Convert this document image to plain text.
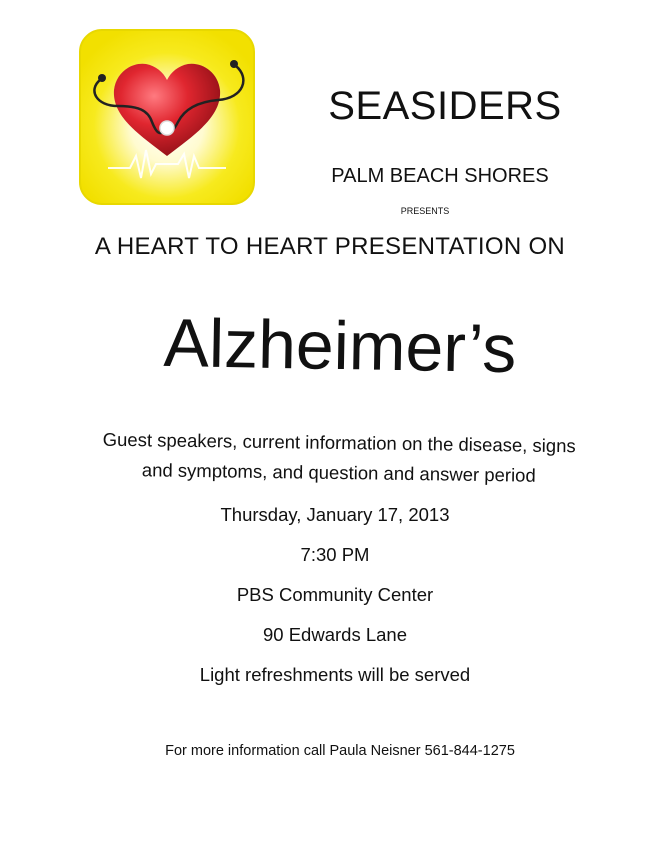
SEASIDERS
PALM BEACH SHORES
PRESENTS
A HEART TO HEART PRESENTATION ON
Alzheimer’s
Guest speakers, current information on the disease, signs
and symptoms, and question and answer period
Thursday, January 17, 2013
7:30 PM
PBS Community Center
90 Edwards Lane
Light refreshments will be served
For more information call Paula Neisner 561-844-1275
